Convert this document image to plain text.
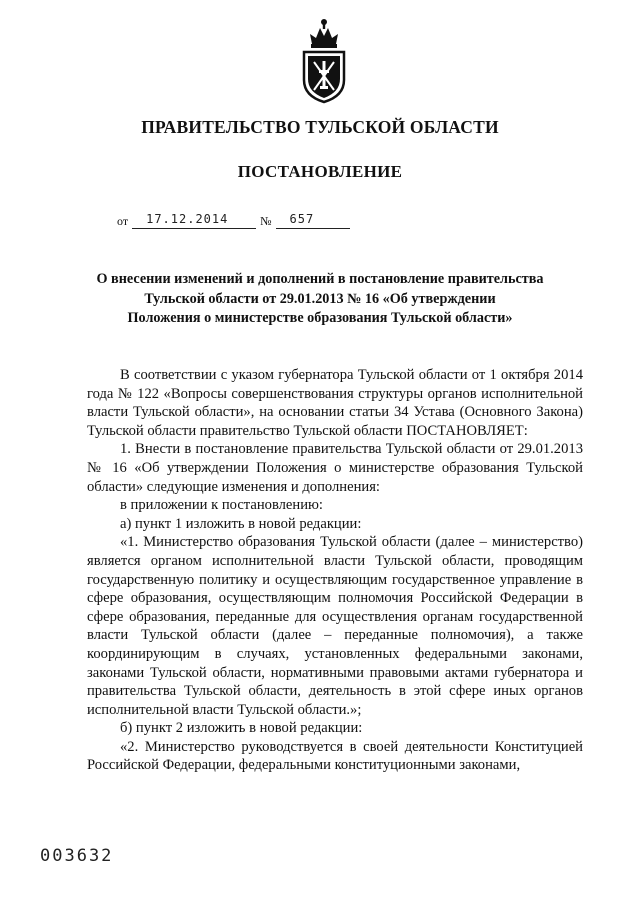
ПРАВИТЕЛЬСТВО ТУЛЬСКОЙ ОБЛАСТИ
ПОСТАНОВЛЕНИЕ
от 17.12.2014	№ 657
О внесении изменений и дополнений в постановление правительства
Тульской области от 29.01.2013 № 16 «Об утверждении
Положения о министерстве образования Тульской области»

В соответствии с указом губернатора Тульской области от 1 октября 2014 года № 122 «Вопросы совершенствования структуры органов исполнительной власти Тульской области», на основании статьи 34 Устава (Основного Закона) Тульской области правительство Тульской области ПОСТАНОВЛЯЕТ:

1. Внести в постановление правительства Тульской области от 29.01.2013 № 16 «Об утверждении Положения о министерстве образования Тульской области» следующие изменения и дополнения:

в приложении к постановлению:

а) пункт 1 изложить в новой редакции:

«1. Министерство образования Тульской области (далее – министерство) является органом исполнительной власти Тульской области, проводящим государственную политику и осуществляющим государственное управление в сфере образования, осуществляющим полномочия Российской Федерации в сфере образования, переданные для осуществления органам государственной власти Тульской области (далее – переданные полномочия), а также координирующим в случаях, установленных федеральными законами, законами Тульской области, нормативными правовыми актами губернатора и правительства Тульской области, деятельность в этой сфере иных органов исполнительной власти Тульской области.»;

б) пункт 2 изложить в новой редакции:

«2. Министерство руководствуется в своей деятельности Конституцией Российской Федерации, федеральными конституционными законами,

003632
